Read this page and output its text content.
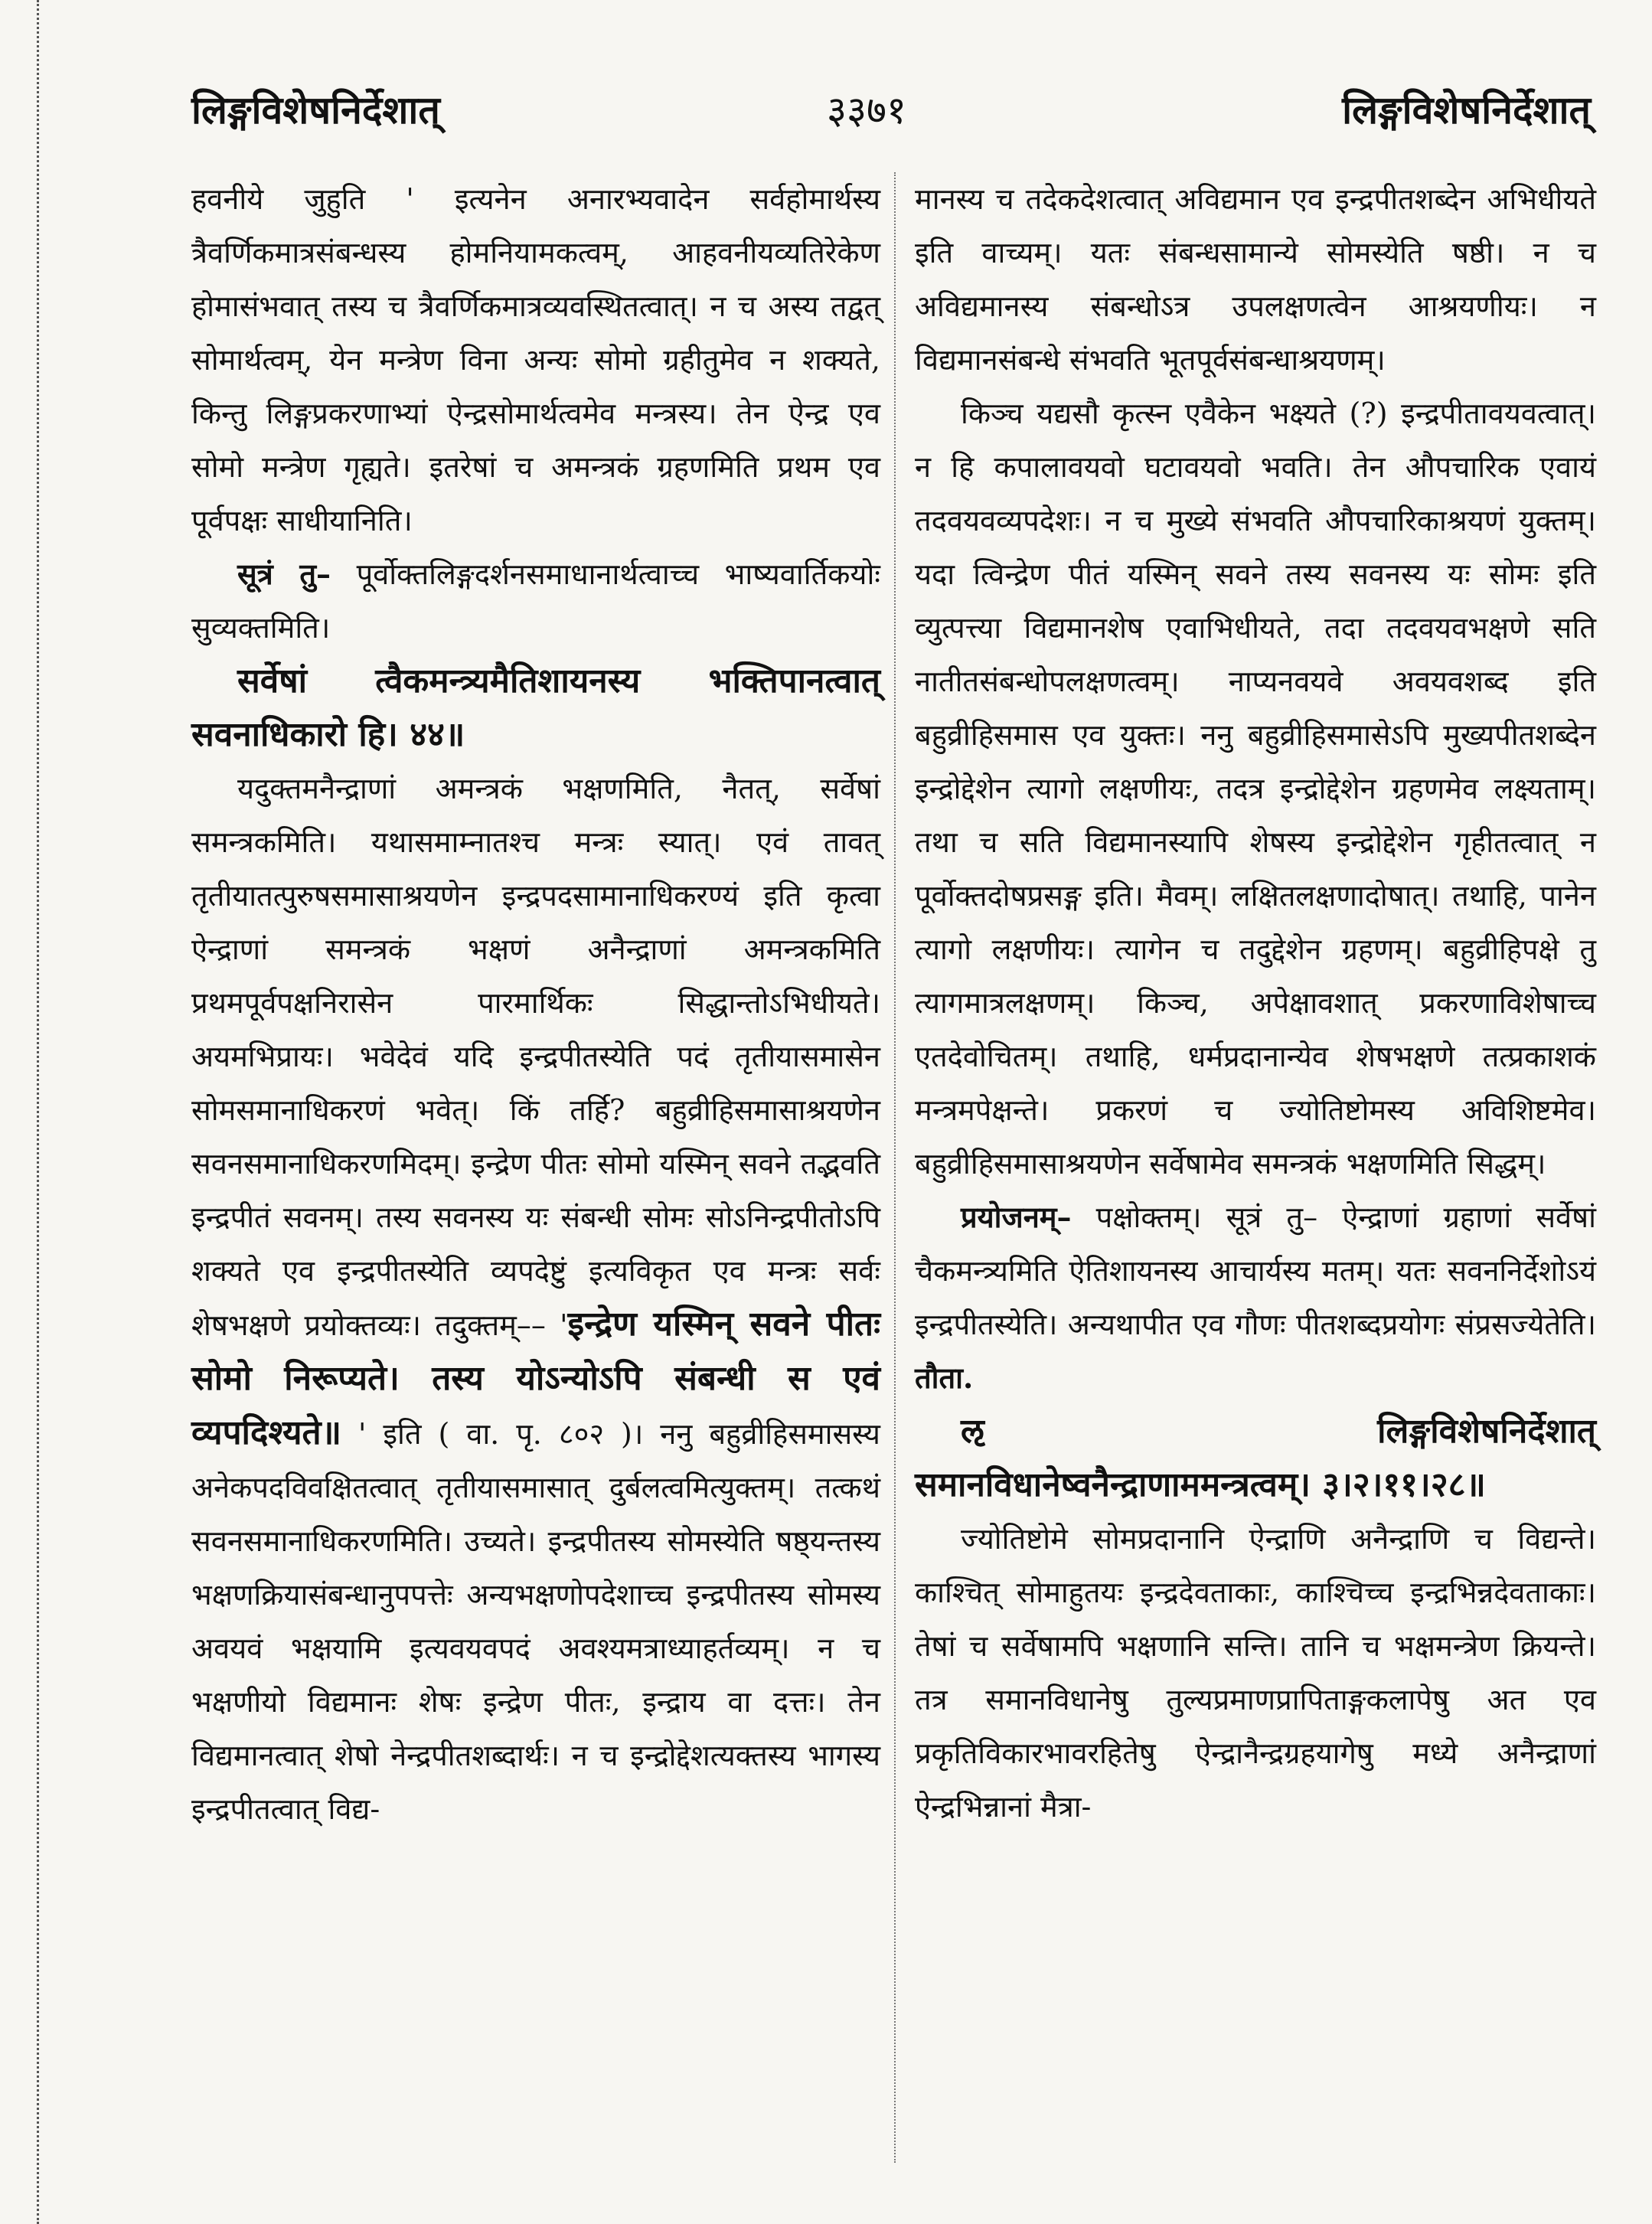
लिङ्गविशेषनिर्देशात्	३३७१	लिङ्गविशेषनिर्देशात्

हवनीये जुहुति ' इत्यनेन अनारभ्यवादेन सर्वहोमार्थस्य त्रैवर्णिकमात्रसंबन्धस्य होमनियामकत्वम्, आहवनीयव्यतिरेकेण होमासंभवात् तस्य च त्रैवर्णिकमात्रव्यवस्थितत्वात्। न च अस्य तद्वत् सोमार्थत्वम्, येन मन्त्रेण विना अन्यः सोमो ग्रहीतुमेव न शक्यते, किन्तु लिङ्गप्रकरणाभ्यां ऐन्द्रसोमार्थत्वमेव मन्त्रस्य। तेन ऐन्द्र एव सोमो मन्त्रेण गृह्यते। इतरेषां च अमन्त्रकं ग्रहणमिति प्रथम एव पूर्वपक्षः साधीयानिति।

सूत्रं तु– पूर्वोक्तलिङ्गदर्शनसमाधानार्थत्वाच्च भाष्यवार्तिकयोः सुव्यक्तमिति।

सर्वेषां त्वैकमन्त्र्यमैतिशायनस्य भक्तिपानत्वात् सवनाधिकारो हि। ४४॥

यदुक्तमनैन्द्राणां अमन्त्रकं भक्षणमिति, नैतत्, सर्वेषां समन्त्रकमिति। यथासमाम्नातश्च मन्त्रः स्यात्। एवं तावत् तृतीयातत्पुरुषसमासाश्रयणेन इन्द्रपदसामानाधिकरण्यं इति कृत्वा ऐन्द्राणां समन्त्रकं भक्षणं अनैन्द्राणां अमन्त्रकमिति प्रथमपूर्वपक्षनिरासेन पारमार्थिकः सिद्धान्तोऽभिधीयते। अयमभिप्रायः। भवेदेवं यदि इन्द्रपीतस्येति पदं तृतीयासमासेन सोमसमानाधिकरणं भवेत्। किं तर्हि? बहुव्रीहिसमासाश्रयणेन सवनसमानाधिकरणमिदम्। इन्द्रेण पीतः सोमो यस्मिन् सवने तद्भवति इन्द्रपीतं सवनम्। तस्य सवनस्य यः संबन्धी सोमः सोऽनिन्द्रपीतोऽपि शक्यते एव इन्द्रपीतस्येति व्यपदेष्टुं इत्यविकृत एव मन्त्रः सर्वः शेषभक्षणे प्रयोक्तव्यः। तदुक्तम्–– 'इन्द्रेण यस्मिन् सवने पीतः सोमो निरूप्यते। तस्य योऽन्योऽपि संबन्धी स एवं व्यपदिश्यते॥ ' इति ( वा. पृ. ८०२ )। ननु बहुव्रीहिसमासस्य अनेकपदविवक्षितत्वात् तृतीयासमासात् दुर्बलत्वमित्युक्तम्। तत्कथं सवनसमानाधिकरणमिति। उच्यते। इन्द्रपीतस्य सोमस्येति षष्ठ्यन्तस्य भक्षणक्रियासंबन्धानुपपत्तेः अन्यभक्षणोपदेशाच्च इन्द्रपीतस्य सोमस्य अवयवं भक्षयामि इत्यवयवपदं अवश्यमत्राध्याहर्तव्यम्। न च भक्षणीयो विद्यमानः शेषः इन्द्रेण पीतः, इन्द्राय वा दत्तः। तेन विद्यमानत्वात् शेषो नेन्द्रपीतशब्दार्थः। न च इन्द्रोद्देशत्यक्तस्य भागस्य इन्द्रपीतत्वात् विद्य-

मानस्य च तदेकदेशत्वात् अविद्यमान एव इन्द्रपीतशब्देन अभिधीयते इति वाच्यम्। यतः संबन्धसामान्ये सोमस्येति षष्ठी। न च अविद्यमानस्य संबन्धोऽत्र उपलक्षणत्वेन आश्रयणीयः। न विद्यमानसंबन्धे संभवति भूतपूर्वसंबन्धाश्रयणम्।

किञ्च यद्यसौ कृत्स्न एवैकेन भक्ष्यते (?) इन्द्रपीतावयवत्वात्। न हि कपालावयवो घटावयवो भवति। तेन औपचारिक एवायं तदवयवव्यपदेशः। न च मुख्ये संभवति औपचारिकाश्रयणं युक्तम्। यदा त्विन्द्रेण पीतं यस्मिन् सवने तस्य सवनस्य यः सोमः इति व्युत्पत्त्या विद्यमानशेष एवाभिधीयते, तदा तदवयवभक्षणे सति नातीतसंबन्धोपलक्षणत्वम्। नाप्यनवयवे अवयवशब्द इति बहुव्रीहिसमास एव युक्तः। ननु बहुव्रीहिसमासेऽपि मुख्यपीतशब्देन इन्द्रोद्देशेन त्यागो लक्षणीयः, तदत्र इन्द्रोद्देशेन ग्रहणमेव लक्ष्यताम्। तथा च सति विद्यमानस्यापि शेषस्य इन्द्रोद्देशेन गृहीतत्वात् न पूर्वोक्तदोषप्रसङ्ग इति। मैवम्। लक्षितलक्षणादोषात्। तथाहि, पानेन त्यागो लक्षणीयः। त्यागेन च तदुद्देशेन ग्रहणम्। बहुव्रीहिपक्षे तु त्यागमात्रलक्षणम्। किञ्च, अपेक्षावशात् प्रकरणाविशेषाच्च एतदेवोचितम्। तथाहि, धर्मप्रदानान्येव शेषभक्षणे तत्प्रकाशकं मन्त्रमपेक्षन्ते। प्रकरणं च ज्योतिष्टोमस्य अविशिष्टमेव। बहुव्रीहिसमासाश्रयणेन सर्वेषामेव समन्त्रकं भक्षणमिति सिद्धम्।

प्रयोजनम्– पक्षोक्तम्। सूत्रं तु– ऐन्द्राणां ग्रहाणां सर्वेषां चैकमन्त्र्यमिति ऐतिशायनस्य आचार्यस्य मतम्। यतः सवननिर्देशोऽयं इन्द्रपीतस्येति। अन्यथापीत एव गौणः पीतशब्दप्रयोगः संप्रसज्येतेति। तौता.

ऌ	लिङ्गविशेषनिर्देशात् समानविधानेष्वनैन्द्राणाममन्त्रत्वम्। ३।२।११।२८॥

ज्योतिष्टोमे सोमप्रदानानि ऐन्द्राणि अनैन्द्राणि च विद्यन्ते। काश्चित् सोमाहुतयः इन्द्रदेवताकाः, काश्चिच्च इन्द्रभिन्नदेवताकाः। तेषां च सर्वेषामपि भक्षणानि सन्ति। तानि च भक्षमन्त्रेण क्रियन्ते। तत्र समानविधानेषु तुल्यप्रमाणप्रापिताङ्गकलापेषु अत एव प्रकृतिविकारभावरहितेषु ऐन्द्रानैन्द्रग्रहयागेषु मध्ये अनैन्द्राणां ऐन्द्रभिन्नानां मैत्रा-
